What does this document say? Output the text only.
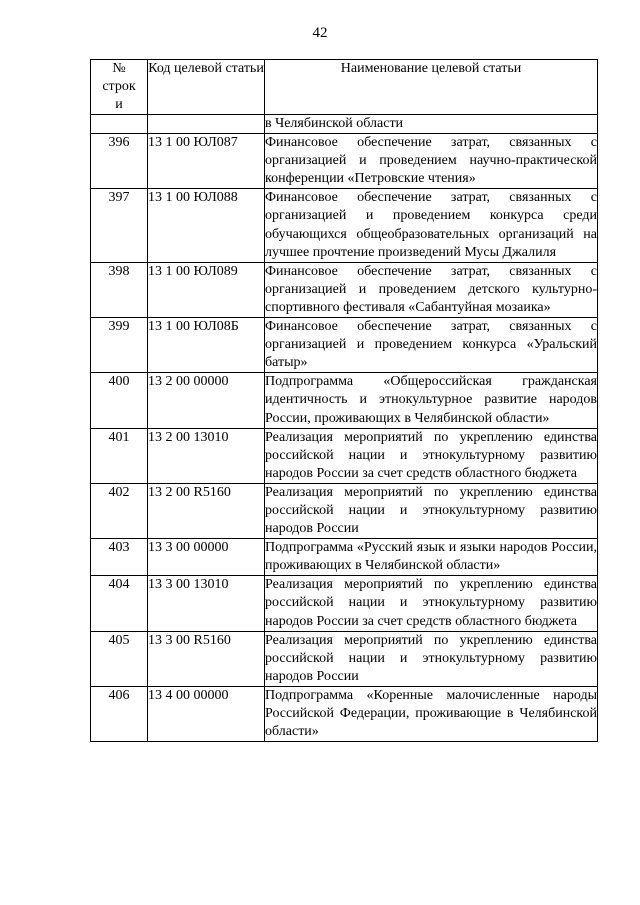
42
№
строк
и	Код целевой статьи	Наименование целевой статьи
		в Челябинской области
396	13 1 00 ЮЛ087	Финансовое обеспечение затрат, связанных с организацией и проведением научно-практической конференции «Петровские чтения»
397	13 1 00 ЮЛ088	Финансовое обеспечение затрат, связанных с организацией и проведением конкурса среди обучающихся общеобразовательных организаций на лучшее прочтение произведений Мусы Джалиля
398	13 1 00 ЮЛ089	Финансовое обеспечение затрат, связанных с организацией и проведением детского культурно-спортивного фестиваля «Сабантуйная мозаика»
399	13 1 00 ЮЛ08Б	Финансовое обеспечение затрат, связанных с организацией и проведением конкурса «Уральский батыр»
400	13 2 00 00000	Подпрограмма «Общероссийская гражданская идентичность и этнокультурное развитие народов России, проживающих в Челябинской области»
401	13 2 00 13010	Реализация мероприятий по укреплению единства российской нации и этнокультурному развитию народов России за счет средств областного бюджета
402	13 2 00 R5160	Реализация мероприятий по укреплению единства российской нации и этнокультурному развитию народов России
403	13 3 00 00000	Подпрограмма «Русский язык и языки народов России, проживающих в Челябинской области»
404	13 3 00 13010	Реализация мероприятий по укреплению единства российской нации и этнокультурному развитию народов России за счет средств областного бюджета
405	13 3 00 R5160	Реализация мероприятий по укреплению единства российской нации и этнокультурному развитию народов России
406	13 4 00 00000	Подпрограмма «Коренные малочисленные народы Российской Федерации, проживающие в Челябинской области»
